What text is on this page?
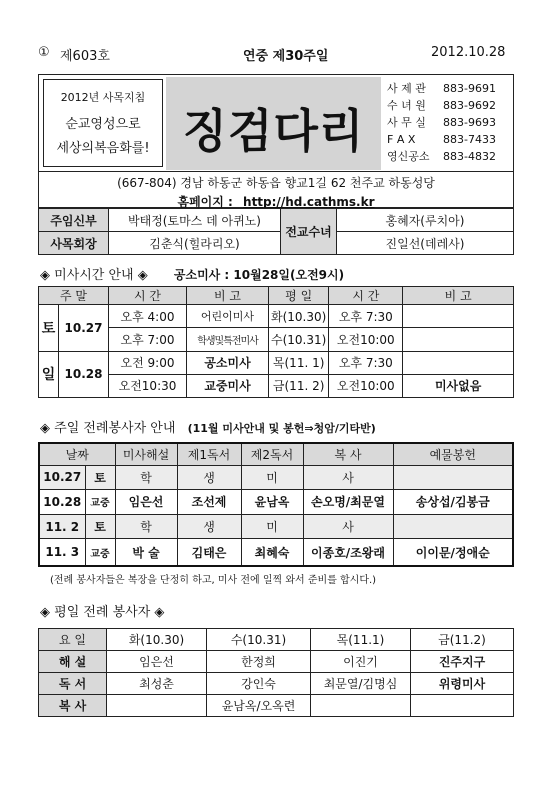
① 제603호	연중 제30주일	2012.10.28
2012년 사목지침
순교영성으로
세상의복음화를! 징검다리
사 제 관 883-9691
수 녀 원 883-9692
사 무 실 883-9693
F A X	883-7433
영신공소 883-4832
(667-804) 경남 하동군 하동읍 향교1길 62 천주교 하동성당
홈페이지 : http://hd.cathms.kr
주임신부	박태정(토마스 데 아퀴노)	전교수녀	홍혜자(루치아)
사목회장	김춘식(힐라리오)		진일선(데레사)
◈ 미사시간 안내 ◈ 공소미사 : 10월28일(오전9시)
주 말		시 간	비 고	평 일	시 간	비 고
토	10.27	오후 4:00	어린이미사	화(10.30)	오후 7:30	
		오후 7:00	학생및특전미사	수(10.31)	오전10:00	
일	10.28	오전 9:00	공소미사	목(11. 1)	오후 7:30	
		오전10:30	교중미사	금(11. 2)	오전10:00	미사없음
◈ 주일 전례봉사자 안내 (11월 미사안내 및 봉헌⇒청암/기타반)
날짜		미사해설	제1독서	제2독서	복 사	예물봉헌
10.27	토	학	생	미	사	
10.28	교중	임은선	조선제	윤남옥	손오명/최문열	송상섭/김봉금
11. 2	토	학	생	미	사	
11. 3	교중	박 술	김태은	최혜숙	이종호/조왕래	이이문/정애순
(전례 봉사자들은 복장을 단정히 하고, 미사 전에 일찍 와서 준비를 합시다.)
◈ 평일 전례 봉사자 ◈
요 일	화(10.30)	수(10.31)	목(11.1)	금(11.2)
해 설	임은선	한정희	이진기	진주지구
독 서	최성춘	강인숙	최문열/김명심	위령미사
복 사		윤남옥/오옥련		
